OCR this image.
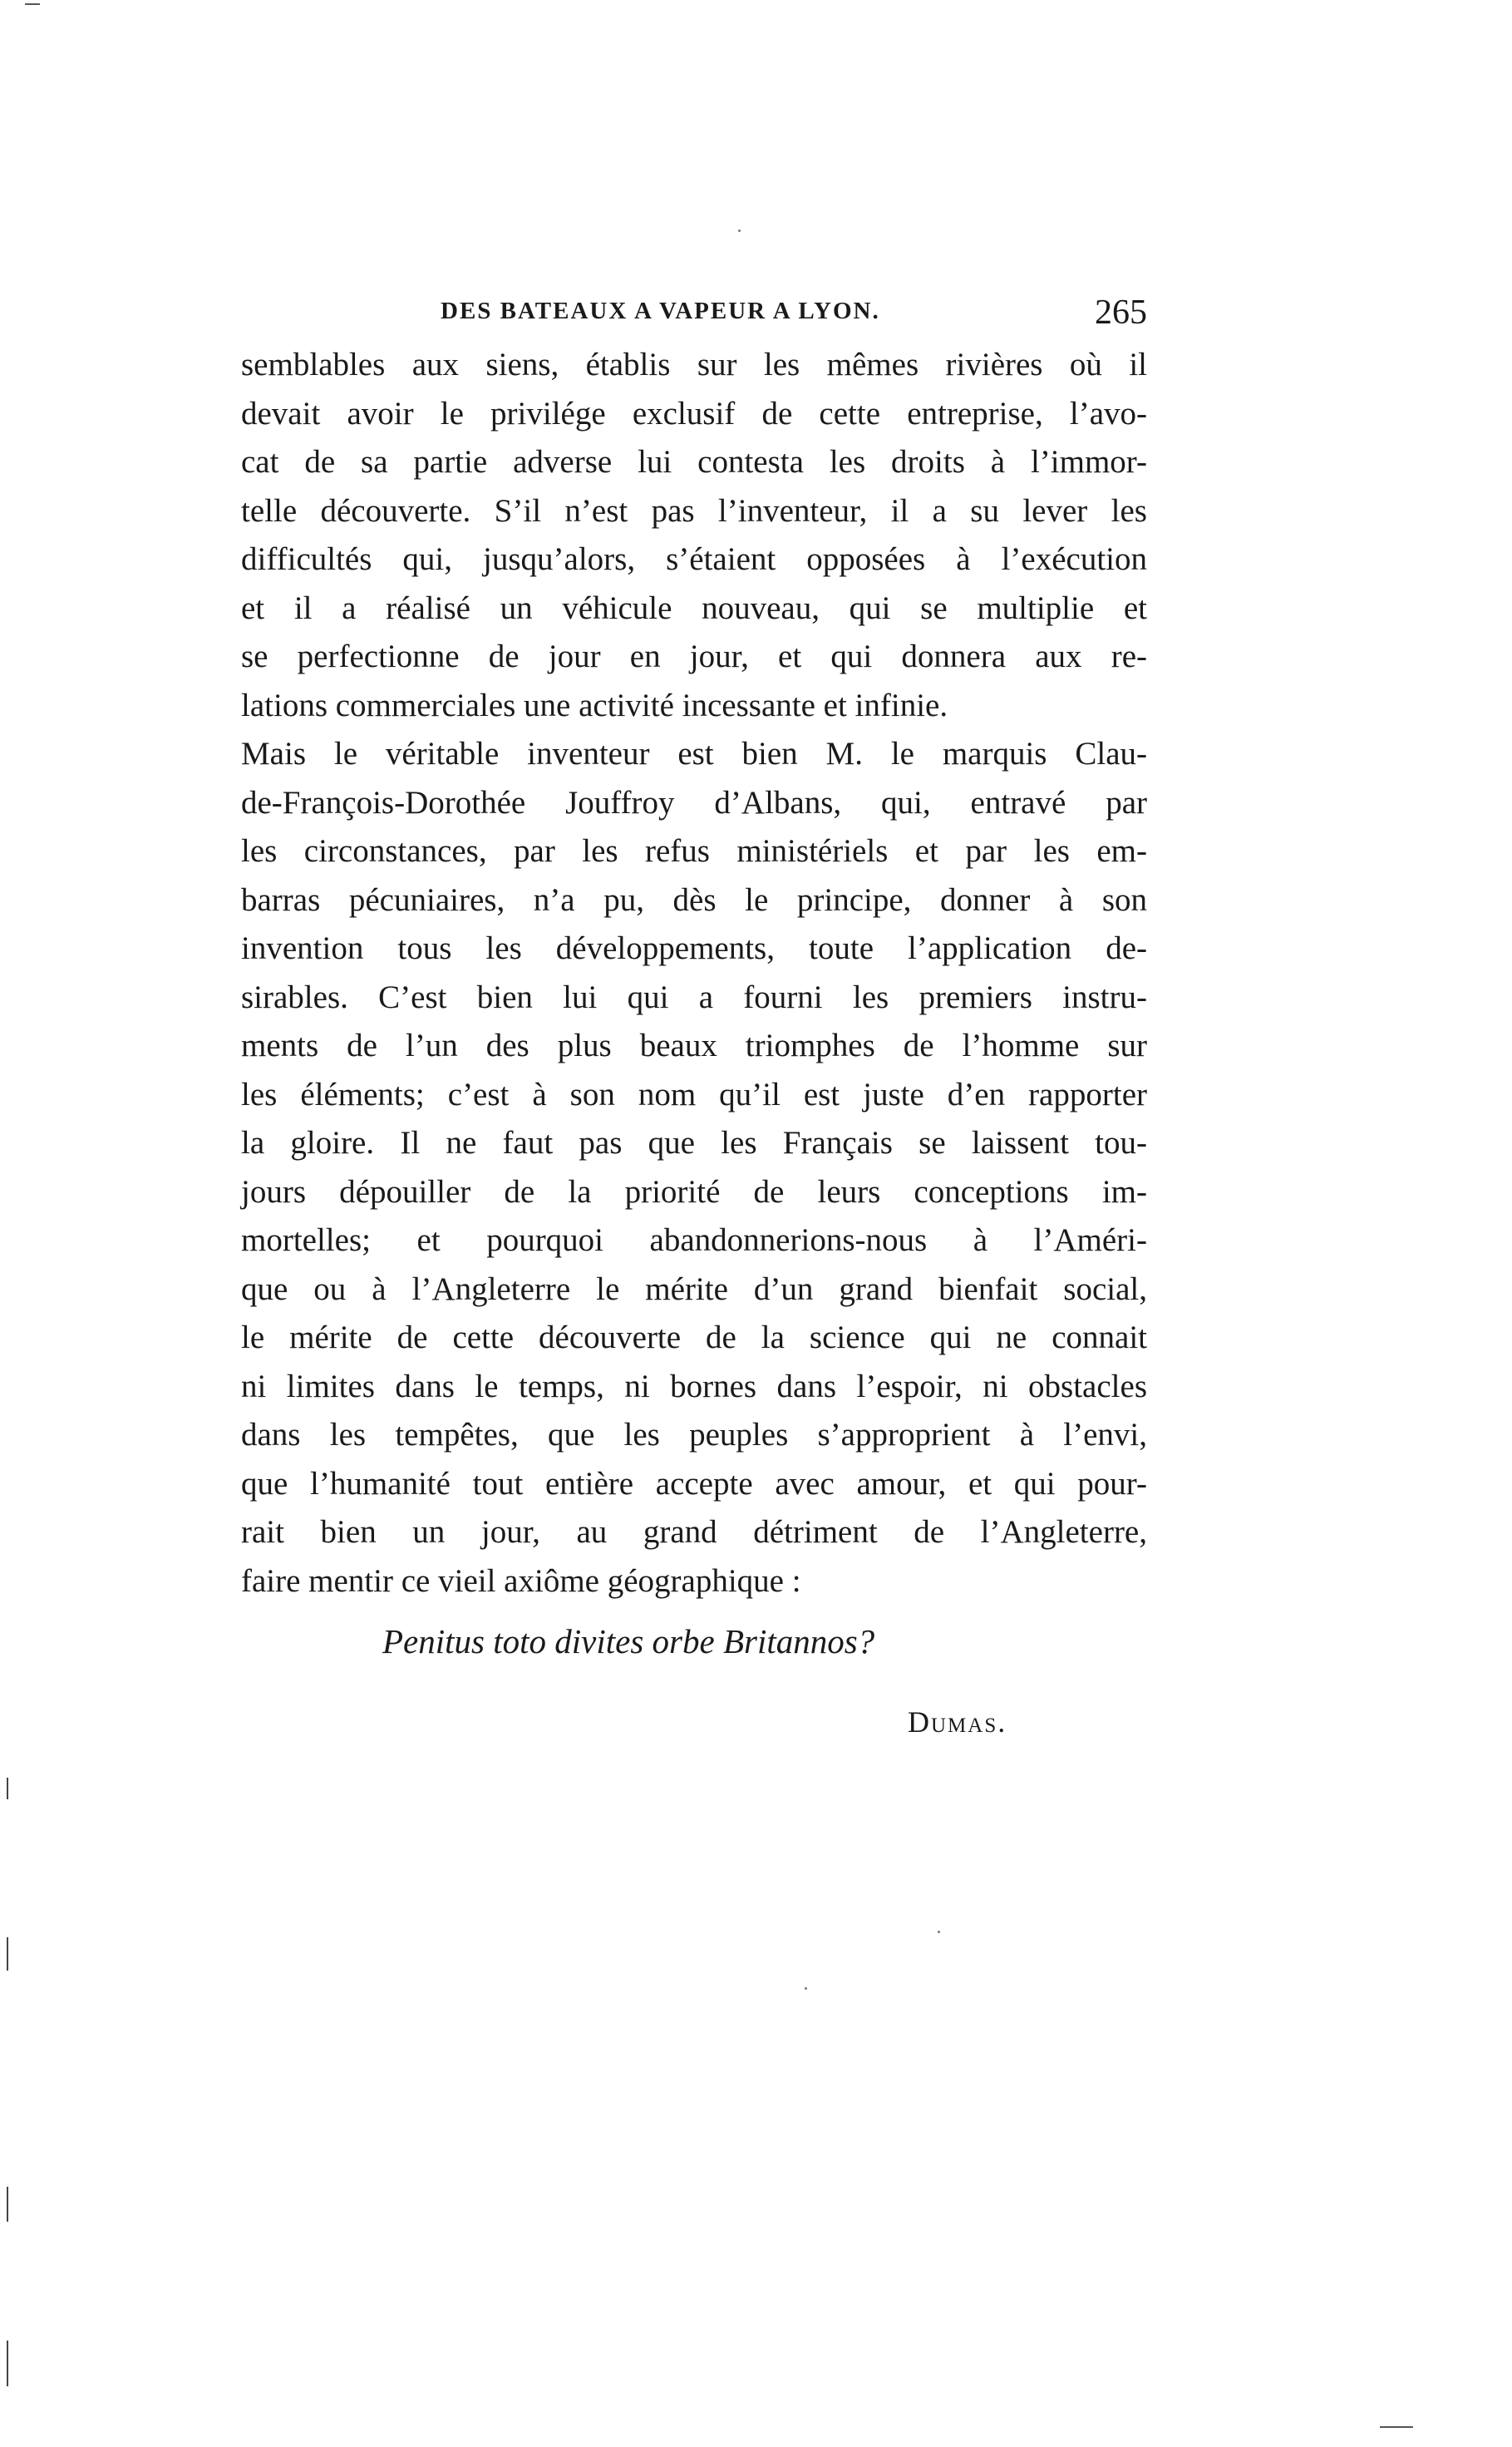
DES BATEAUX A VAPEUR A LYON.	265
semblables aux siens, établis sur les mêmes rivières où il
devait avoir le privilége exclusif de cette entreprise, l’avo-
cat de sa partie adverse lui contesta les droits à l’immor-
telle découverte. S’il n’est pas l’inventeur, il a su lever les
difficultés qui, jusqu’alors, s’étaient opposées à l’exécution
et il a réalisé un véhicule nouveau, qui se multiplie et
se perfectionne de jour en jour, et qui donnera aux re-
lations commerciales une activité incessante et infinie.
Mais le véritable inventeur est bien M. le marquis Clau-
de-François-Dorothée Jouffroy d’Albans, qui, entravé par
les circonstances, par les refus ministériels et par les em-
barras pécuniaires, n’a pu, dès le principe, donner à son
invention tous les développements, toute l’application de-
sirables. C’est bien lui qui a fourni les premiers instru-
ments de l’un des plus beaux triomphes de l’homme sur
les éléments; c’est à son nom qu’il est juste d’en rapporter
la gloire. Il ne faut pas que les Français se laissent tou-
jours dépouiller de la priorité de leurs conceptions im-
mortelles; et pourquoi abandonnerions-nous à l’Améri-
que ou à l’Angleterre le mérite d’un grand bienfait social,
le mérite de cette découverte de la science qui ne connait
ni limites dans le temps, ni bornes dans l’espoir, ni obstacles
dans les tempêtes, que les peuples s’approprient à l’envi,
que l’humanité tout entière accepte avec amour, et qui pour-
rait bien un jour, au grand détriment de l’Angleterre,
faire mentir ce vieil axiôme géographique :
Penitus toto divites orbe Britannos?
Dumas.
